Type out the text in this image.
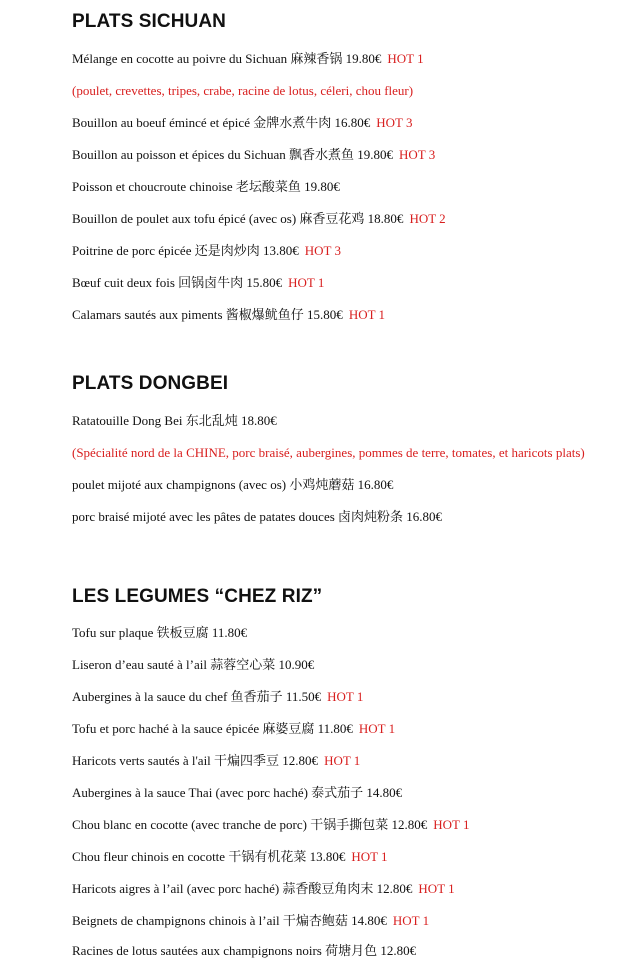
PLATS SICHUAN
Mélange en cocotte au poivre du Sichuan 麻辣香锅 19.80€ HOT 1
(poulet, crevettes, tripes, crabe, racine de lotus, céleri, chou fleur)
Bouillon au boeuf émincé et épicé 金牌水煮牛肉 16.80€ HOT 3
Bouillon au poisson et épices du Sichuan 飘香水煮鱼 19.80€ HOT 3
Poisson et choucroute chinoise 老坛酸菜鱼 19.80€
Bouillon de poulet aux tofu épicé (avec os) 麻香豆花鸡 18.80€ HOT 2
Poitrine de porc épicée 还是肉炒肉 13.80€ HOT 3
Bœuf cuit deux fois 回锅卤牛肉 15.80€ HOT 1
Calamars sautés aux piments 酱椒爆鱿鱼仔 15.80€ HOT 1
PLATS DONGBEI
Ratatouille Dong Bei 东北乱炖 18.80€
(Spécialité nord de la CHINE, porc braisé, aubergines, pommes de terre, tomates, et haricots plats)
poulet mijoté aux champignons (avec os) 小鸡炖蘑菇 16.80€
porc braisé mijoté avec les pâtes de patates douces 卤肉炖粉条 16.80€
LES LEGUMES “CHEZ RIZ”
Tofu sur plaque 铁板豆腐 11.80€
Liseron d’eau sauté à l’ail 蒜蓉空心菜 10.90€
Aubergines à la sauce du chef 鱼香茄子 11.50€ HOT 1
Tofu et porc haché à la sauce épicée 麻婆豆腐 11.80€ HOT 1
Haricots verts sautés à l'ail 干煸四季豆 12.80€ HOT 1
Aubergines à la sauce Thai (avec porc haché) 泰式茄子 14.80€
Chou blanc en cocotte (avec tranche de porc) 干锅手撕包菜 12.80€ HOT 1
Chou fleur chinois en cocotte 干锅有机花菜 13.80€ HOT 1
Haricots aigres à l’ail (avec porc haché) 蒜香酸豆角肉末 12.80€ HOT 1
Beignets de champignons chinois à l’ail 干煸杏鲍菇 14.80€ HOT 1
Racines de lotus sautées aux champignons noirs 荷塘月色 12.80€
